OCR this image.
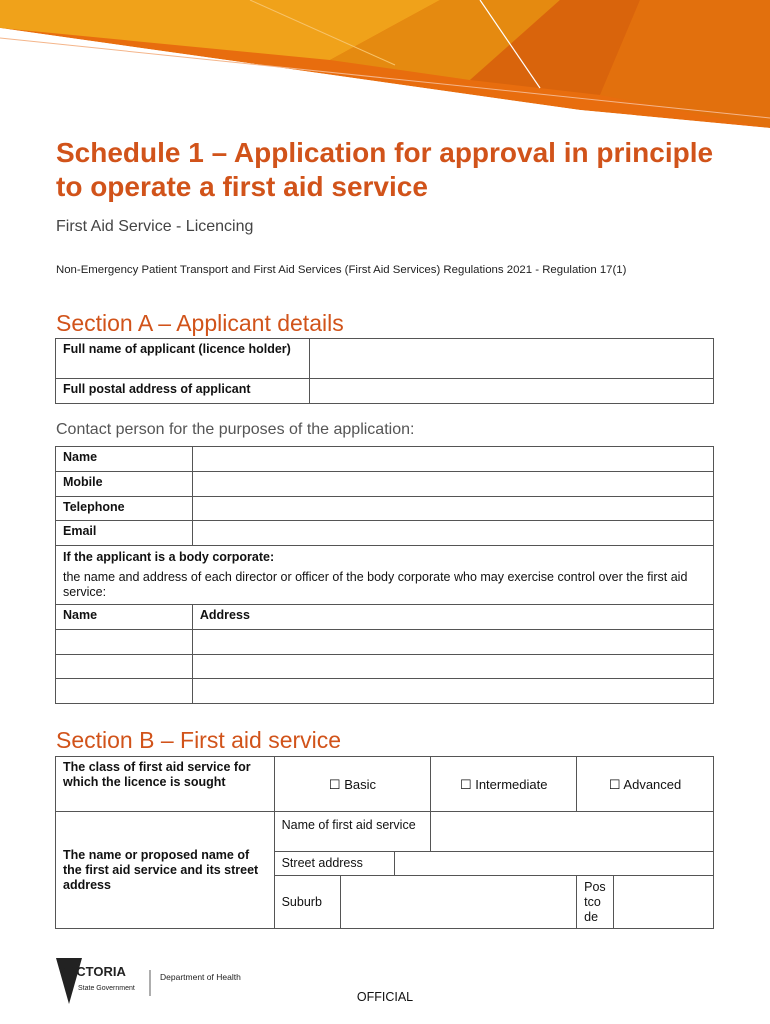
Schedule 1 – Application for approval in principle to operate a first aid service
First Aid Service - Licencing
Non-Emergency Patient Transport and First Aid Services (First Aid Services) Regulations 2021 - Regulation 17(1)
Section A – Applicant details
Full name of applicant (licence holder)	
Full postal address of applicant	
Contact person for the purposes of the application:
Name	
Mobile	
Telephone	
Email	

If the applicant is a body corporate:
the name and address of each director or officer of the body corporate who may exercise control over the first aid service:	

Name	Address

Section B – First aid service
The class of first aid service for which the licence is sought	☐ Basic			☐ Intermediate	☐ Advanced	
The name or proposed name of the first aid service and its street address	Name of first aid service					
	Street address					
	Suburb				Postcode	
VICTORIA
State Government
Department of Health
OFFICIAL
